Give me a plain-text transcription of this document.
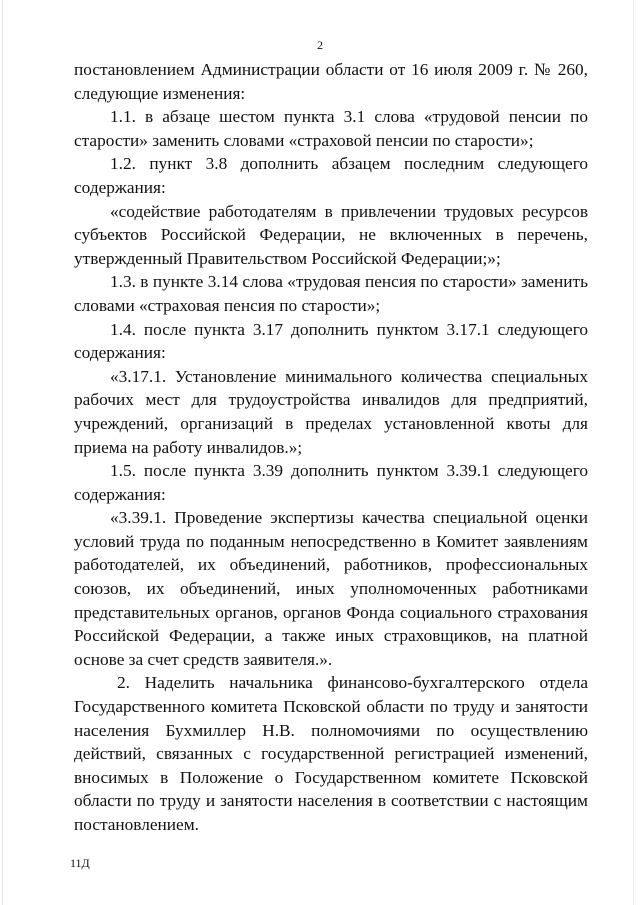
2

постановлением Администрации области от 16 июля 2009 г. № 260, следующие изменения:

1.1. в абзаце шестом пункта 3.1 слова «трудовой пенсии по старости» заменить словами «страховой пенсии по старости»;

1.2. пункт 3.8 дополнить абзацем последним следующего содержания:

«содействие работодателям в привлечении трудовых ресурсов субъектов Российской Федерации, не включенных в перечень, утвержденный Правительством Российской Федерации;»;

1.3. в пункте 3.14 слова «трудовая пенсия по старости» заменить словами «страховая пенсия по старости»;

1.4. после пункта 3.17 дополнить пунктом 3.17.1 следующего содержания:

«3.17.1. Установление минимального количества специальных рабочих мест для трудоустройства инвалидов для предприятий, учреждений, организаций в пределах установленной квоты для приема на работу инвалидов.»;

1.5. после пункта 3.39 дополнить пунктом 3.39.1 следующего содержания:

«3.39.1. Проведение экспертизы качества специальной оценки условий труда по поданным непосредственно в Комитет заявлениям работодателей, их объединений, работников, профессиональных союзов, их объединений, иных уполномоченных работниками представительных органов, органов Фонда социального страхования Российской Федерации, а также иных страховщиков, на платной основе за счет средств заявителя.».

2. Наделить начальника финансово-бухгалтерского отдела Государственного комитета Псковской области по труду и занятости населения Бухмиллер Н.В. полномочиями по осуществлению действий, связанных с государственной регистрацией изменений, вносимых в Положение о Государственном комитете Псковской области по труду и занятости населения в соответствии с настоящим постановлением.

11Д
